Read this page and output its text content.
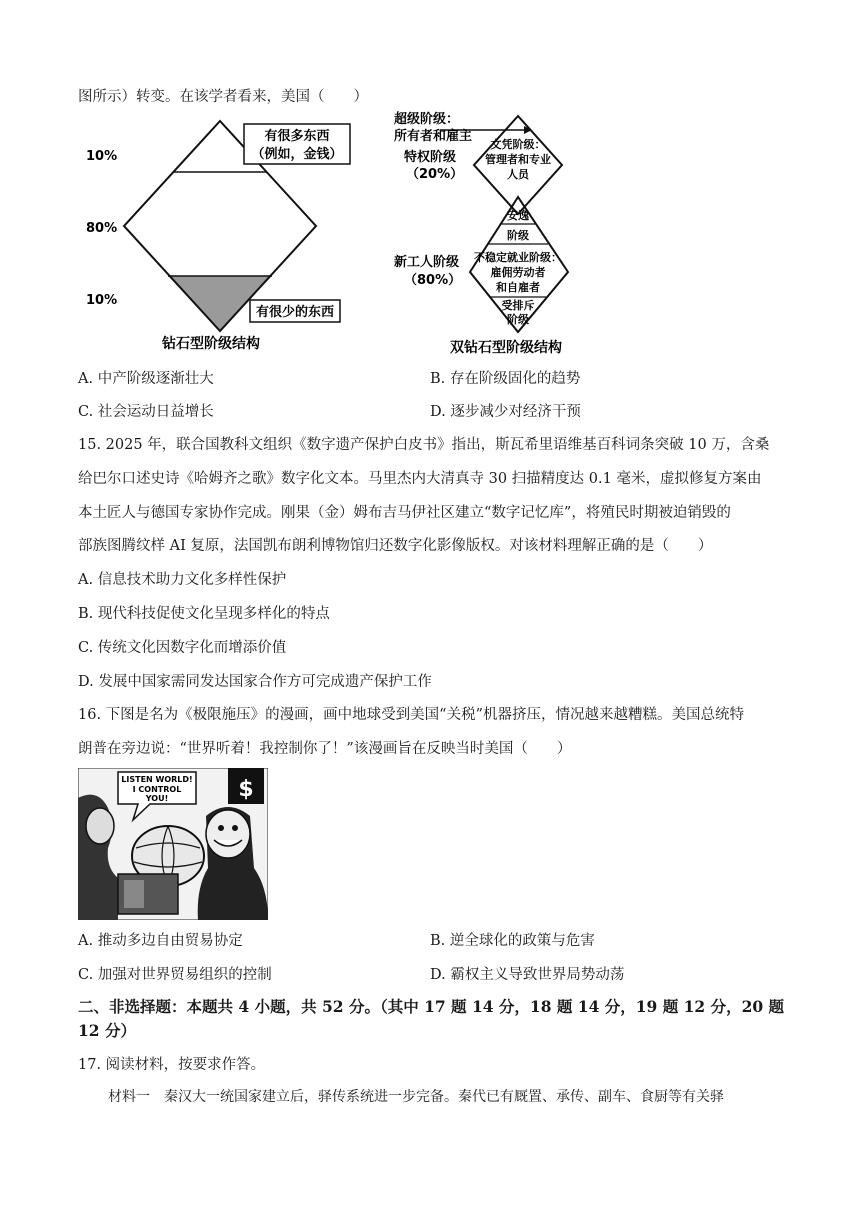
图所示）转变。在该学者看来，美国（　　）
10%
80%
10%
有很多东西
（例如，金钱）
有很少的东西
钻石型阶级结构
超级阶级：
所有者和雇主
特权阶级
（20%）
文凭阶级：
管理者和专业
人员
安逸
阶级
新工人阶级
（80%）
不稳定就业阶级：
雇佣劳动者
和自雇者
受排斥
阶级
双钻石型阶级结构
A. 中产阶级逐渐壮大	B. 存在阶级固化的趋势
C. 社会运动日益增长	D. 逐步减少对经济干预
15. 2025 年，联合国教科文组织《数字遗产保护白皮书》指出，斯瓦希里语维基百科词条突破 10 万，含桑
给巴尔口述史诗《哈姆齐之歌》数字化文本。马里杰内大清真寺 30 扫描精度达 0.1 毫米，虚拟修复方案由
本土匠人与德国专家协作完成。刚果（金）姆布吉马伊社区建立“数字记忆库”，将殖民时期被迫销毁的
部族图腾纹样 AI 复原，法国凯布朗利博物馆归还数字化影像版权。对该材料理解正确的是（　　）
A. 信息技术助力文化多样性保护
B. 现代科技促使文化呈现多样化的特点
C. 传统文化因数字化而增添价值
D. 发展中国家需同发达国家合作方可完成遗产保护工作
16. 下图是名为《极限施压》的漫画，画中地球受到美国“关税”机器挤压，情况越来越糟糕。美国总统特
朗普在旁边说：“世界听着！我控制你了！”该漫画旨在反映当时美国（　　）
LISTEN WORLD!
I CONTROL
YOU!	$
A. 推动多边自由贸易协定	B. 逆全球化的政策与危害
C. 加强对世界贸易组织的控制	D. 霸权主义导致世界局势动荡
二、非选择题：本题共 4 小题，共 52 分。（其中 17 题 14 分，18 题 14 分，19 题 12 分，20 题
12 分）
17. 阅读材料，按要求作答。
材料一　秦汉大一统国家建立后，驿传系统进一步完备。秦代已有厩置、承传、副车、食厨等有关驿
